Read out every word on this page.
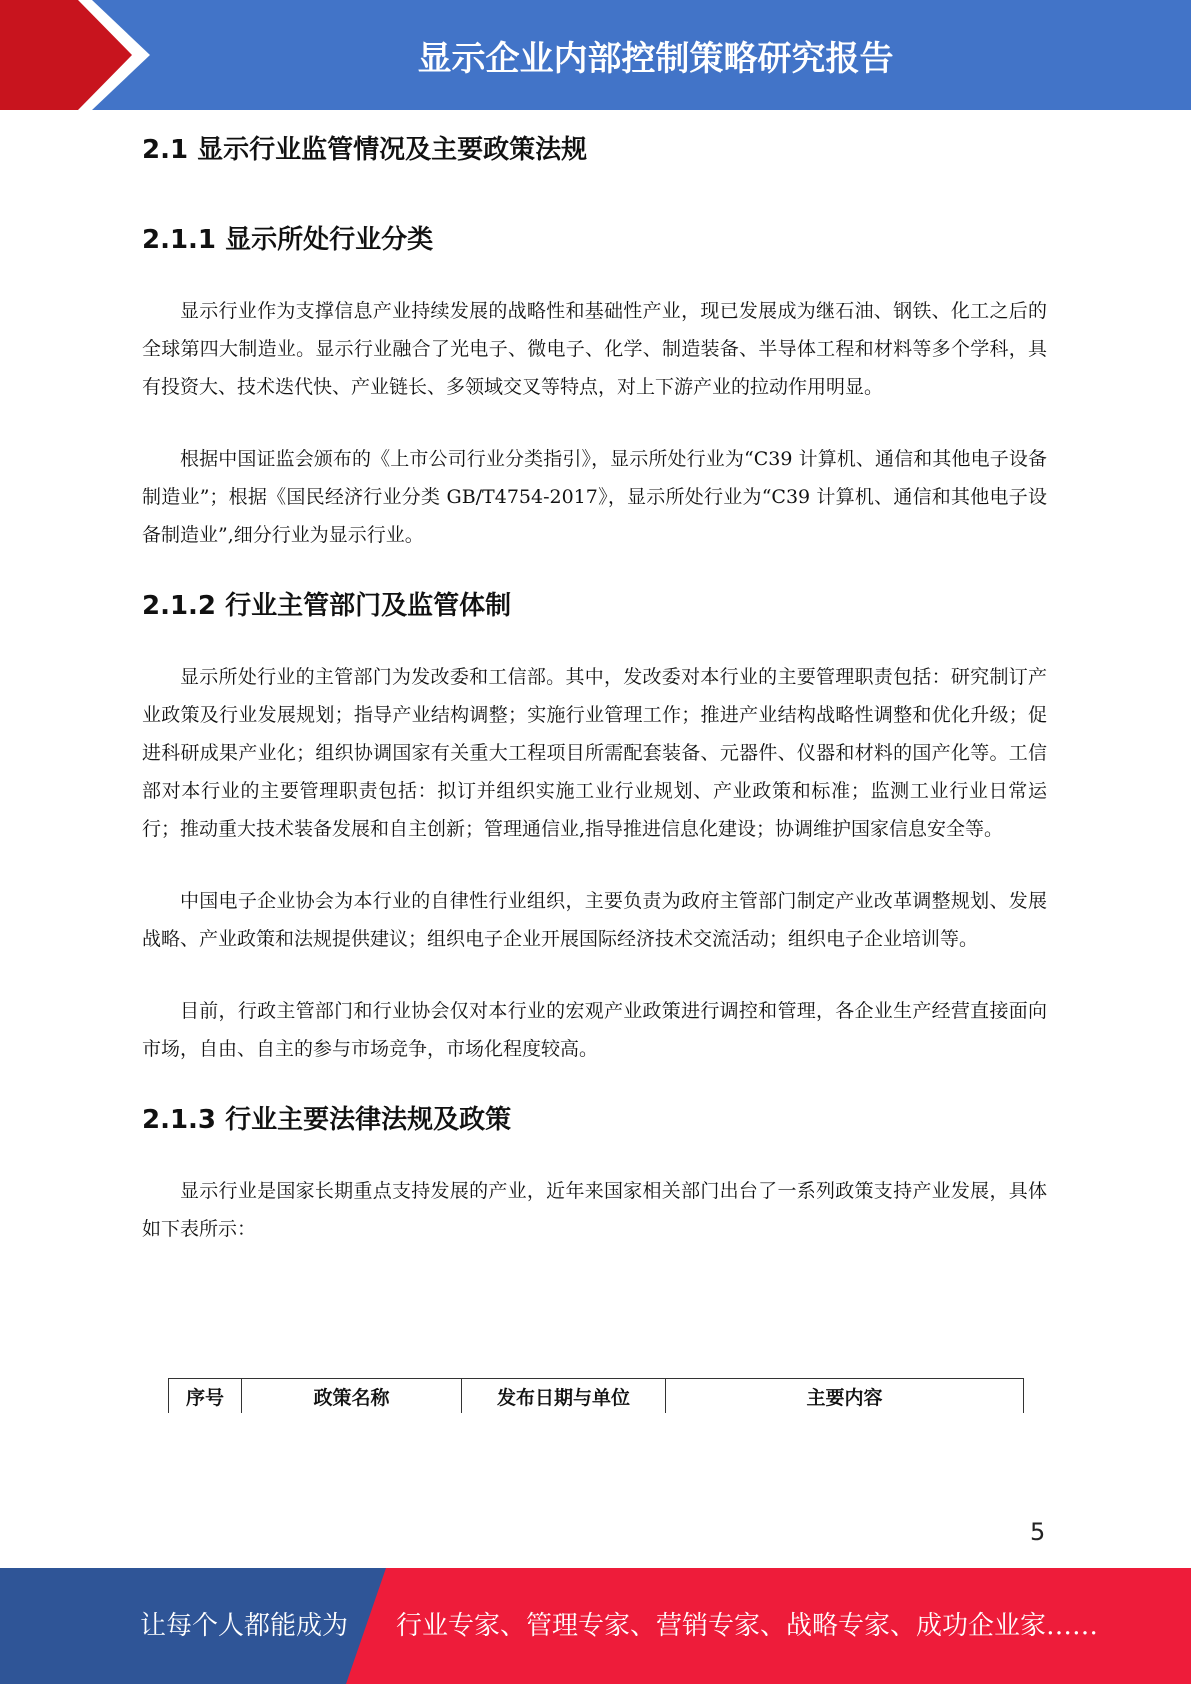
显示企业内部控制策略研究报告
2.1 显示行业监管情况及主要政策法规
2.1.1 显示所处行业分类

显示行业作为支撑信息产业持续发展的战略性和基础性产业，现已发展成为继石油、钢铁、化工之后的全球第四大制造业。显示行业融合了光电子、微电子、化学、制造装备、半导体工程和材料等多个学科，具有投资大、技术迭代快、产业链长、多领域交叉等特点，对上下游产业的拉动作用明显。

根据中国证监会颁布的《上市公司行业分类指引》，显示所处行业为“C39 计算机、通信和其他电子设备制造业”；根据《国民经济行业分类 GB/T4754-2017》，显示所处行业为“C39 计算机、通信和其他电子设备制造业”,细分行业为显示行业。

2.1.2 行业主管部门及监管体制

显示所处行业的主管部门为发改委和工信部。其中，发改委对本行业的主要管理职责包括：研究制订产业政策及行业发展规划；指导产业结构调整；实施行业管理工作；推进产业结构战略性调整和优化升级；促进科研成果产业化；组织协调国家有关重大工程项目所需配套装备、元器件、仪器和材料的国产化等。工信部对本行业的主要管理职责包括：拟订并组织实施工业行业规划、产业政策和标准；监测工业行业日常运行；推动重大技术装备发展和自主创新；管理通信业,指导推进信息化建设；协调维护国家信息安全等。

中国电子企业协会为本行业的自律性行业组织，主要负责为政府主管部门制定产业改革调整规划、发展战略、产业政策和法规提供建议；组织电子企业开展国际经济技术交流活动；组织电子企业培训等。

目前，行政主管部门和行业协会仅对本行业的宏观产业政策进行调控和管理，各企业生产经营直接面向市场，自由、自主的参与市场竞争，市场化程度较高。

2.1.3 行业主要法律法规及政策

显示行业是国家长期重点支持发展的产业，近年来国家相关部门出台了一系列政策支持产业发展，具体如下表所示：

序号	政策名称	发布日期与单位	主要内容
5
让每个人都能成为 行业专家、管理专家、营销专家、战略专家、成功企业家……
